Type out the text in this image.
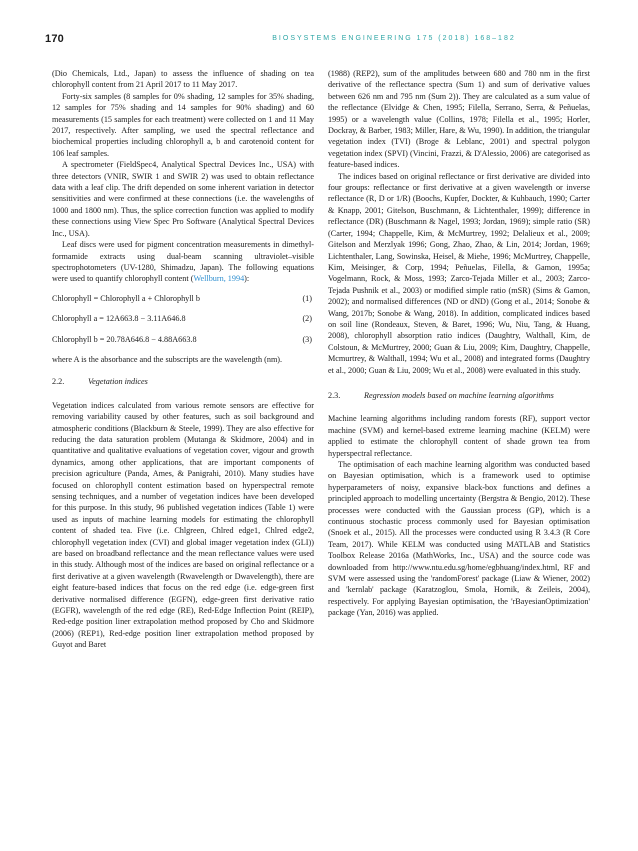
170	BIOSYSTEMS ENGINEERING 175 (2018) 168–182

(Dio Chemicals, Ltd., Japan) to assess the influence of shading on tea chlorophyll content from 21 April 2017 to 11 May 2017.

Forty-six samples (8 samples for 0% shading, 12 samples for 35% shading, 12 samples for 75% shading and 14 samples for 90% shading) and 60 measurements (15 samples for each treatment) were collected on 1 and 11 May 2017, respectively. After sampling, we used the spectral reflectance and biochemical properties including chlorophyll a, b and carotenoid content for 106 leaf samples.

A spectrometer (FieldSpec4, Analytical Spectral Devices Inc., USA) with three detectors (VNIR, SWIR 1 and SWIR 2) was used to obtain reflectance data with a leaf clip. The drift depended on some inherent variation in detector sensitivities and were confirmed at these connections (i.e. the wavelengths of 1000 and 1800 nm). Thus, the splice correction function was applied to modify these connections using View Spec Pro Software (Analytical Spectral Devices Inc., USA).

Leaf discs were used for pigment concentration measurements in dimethyl-formamide extracts using dual-beam scanning ultraviolet–visible spectrophotometers (UV-1280, Shimadzu, Japan). The following equations were used to quantify chlorophyll content (Wellburn, 1994):

Chlorophyll = Chlorophyll a + Chlorophyll b	(1)
Chlorophyll a = 12A663.8 − 3.11A646.8	(2)
Chlorophyll b = 20.78A646.8 − 4.88A663.8	(3)

where A is the absorbance and the subscripts are the wavelength (nm).

2.2.	Vegetation indices

Vegetation indices calculated from various remote sensors are effective for removing variability caused by other features, such as soil background and atmospheric conditions (Blackburn & Steele, 1999). They are also effective for reducing the data saturation problem (Mutanga & Skidmore, 2004) and in quantitative and qualitative evaluations of vegetation cover, vigour and growth dynamics, among other applications, that are important components of precision agriculture (Panda, Ames, & Panigrahi, 2010). Many studies have focused on chlorophyll content estimation based on hyperspectral remote sensing techniques, and a number of vegetation indices have been developed for this purpose. In this study, 96 published vegetation indices (Table 1) were used as inputs of machine learning models for estimating the chlorophyll content of shaded tea. Five (i.e. Chlgreen, Chlred edge1, Chlred edge2, chlorophyll vegetation index (CVI) and global imager vegetation index (GLI)) are based on broadband reflectance and the mean reflectance values were used in this study. Although most of the indices are based on original reflectance or a first derivative at a given wavelength (Rwavelength or Dwavelength), there are eight feature-based indices that focus on the red edge (i.e. edge-green first derivative normalised difference (EGFN), edge-green first derivative ratio (EGFR), wavelength of the red edge (RE), Red-Edge Inflection Point (REIP), Red-edge position liner extrapolation method proposed by Cho and Skidmore (2006) (REP1), Red-edge position liner extrapolation method proposed by Guyot and Baret

(1988) (REP2), sum of the amplitudes between 680 and 780 nm in the first derivative of the reflectance spectra (Sum 1) and sum of derivative values between 626 nm and 795 nm (Sum 2)). They are calculated as a sum value of the reflectance (Elvidge & Chen, 1995; Filella, Serrano, Serra, & Peñuelas, 1995) or a wavelength value (Collins, 1978; Filella et al., 1995; Horler, Dockray, & Barber, 1983; Miller, Hare, & Wu, 1990). In addition, the triangular vegetation index (TVI) (Broge & Leblanc, 2001) and spectral polygon vegetation index (SPVI) (Vincini, Frazzi, & D'Alessio, 2006) are categorised as feature-based indices.

The indices based on original reflectance or first derivative are divided into four groups: reflectance or first derivative at a given wavelength or inverse reflectance (R, D or 1/R) (Boochs, Kupfer, Dockter, & Kuhbauch, 1990; Carter & Knapp, 2001; Gitelson, Buschmann, & Lichtenthaler, 1999); difference in reflectance (DR) (Buschmann & Nagel, 1993; Jordan, 1969); simple ratio (SR) (Carter, 1994; Chappelle, Kim, & McMurtrey, 1992; Delalieux et al., 2009; Gitelson and Merzlyak 1996; Gong, Zhao, Zhao, & Lin, 2014; Jordan, 1969; Lichtenthaler, Lang, Sowinska, Heisel, & Miehe, 1996; McMurtrey, Chappelle, Kim, Meisinger, & Corp, 1994; Peñuelas, Filella, & Gamon, 1995a; Vogelmann, Rock, & Moss, 1993; Zarco-Tejada Miller et al., 2003; Zarco-Tejada Pushnik et al., 2003) or modified simple ratio (mSR) (Sims & Gamon, 2002); and normalised differences (ND or dND) (Gong et al., 2014; Sonobe & Wang, 2017b; Sonobe & Wang, 2018). In addition, complicated indices based on soil line (Rondeaux, Steven, & Baret, 1996; Wu, Niu, Tang, & Huang, 2008), chlorophyll absorption ratio indices (Daughtry, Walthall, Kim, de Colstoun, & McMurtrey, 2000; Guan & Liu, 2009; Kim, Daughtry, Chappelle, Mcmurtrey, & Walthall, 1994; Wu et al., 2008) and integrated forms (Daughtry et al., 2000; Guan & Liu, 2009; Wu et al., 2008) were evaluated in this study.

2.3.	Regression models based on machine learning algorithms

Machine learning algorithms including random forests (RF), support vector machine (SVM) and kernel-based extreme learning machine (KELM) were applied to estimate the chlorophyll content of shade grown tea from hyperspectral reflectance.

The optimisation of each machine learning algorithm was conducted based on Bayesian optimisation, which is a framework used to optimise hyperparameters of noisy, expansive black-box functions and defines a principled approach to modelling uncertainty (Bergstra & Bengio, 2012). These processes were conducted with the Gaussian process (GP), which is a continuous stochastic process commonly used for Bayesian optimisation (Snoek et al., 2015). All the processes were conducted using R 3.4.3 (R Core Team, 2017). While KELM was conducted using MATLAB and Statistics Toolbox Release 2016a (MathWorks, Inc., USA) and the source code was downloaded from http://www.ntu.edu.sg/home/egbhuang/index.html, RF and SVM were assessed using the 'randomForest' package (Liaw & Wiener, 2002) and 'kernlab' package (Karatzoglou, Smola, Hornik, & Zeileis, 2004), respectively. For applying Bayesian optimisation, the 'rBayesianOptimization' package (Yan, 2016) was applied.
